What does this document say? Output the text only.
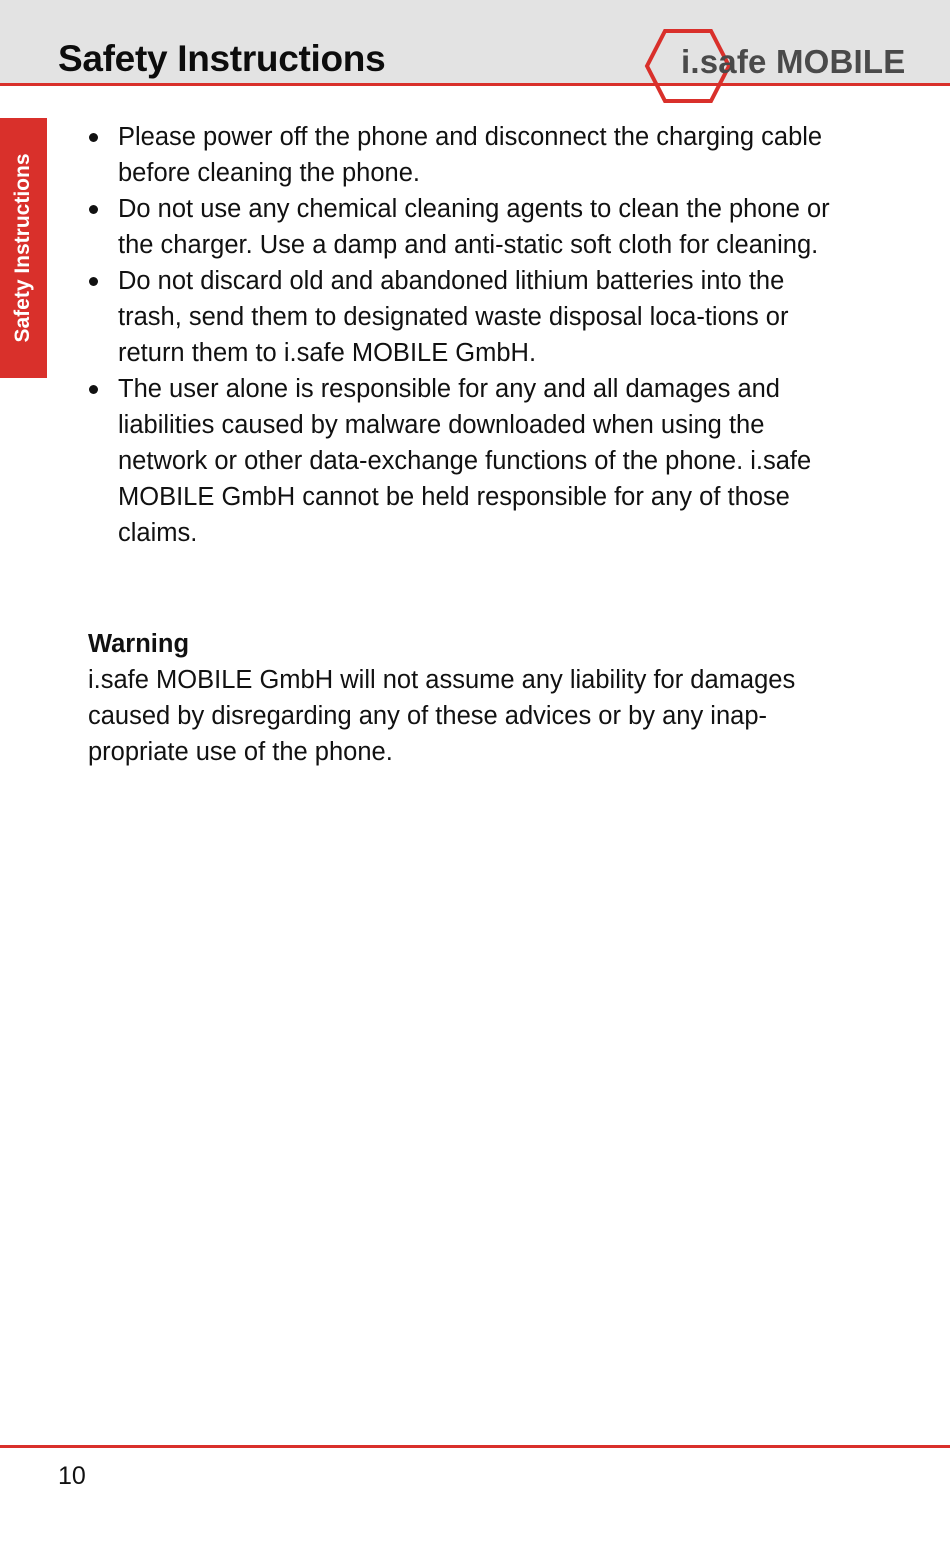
Safety Instructions	i.safe MOBILE
Safety Instructions
Please power off the phone and disconnect the charging cable before cleaning the phone.
Do not use any chemical cleaning agents to clean the phone or the charger. Use a damp and anti-static soft cloth for cleaning.
Do not discard old and abandoned lithium batteries into the trash, send them to designated waste disposal loca-tions or return them to i.safe MOBILE GmbH.
The user alone is responsible for any and all damages and liabilities caused by malware downloaded when using the network or other data-exchange functions of the phone. i.safe MOBILE GmbH cannot be held responsible for any of those claims.
Warning
i.safe MOBILE GmbH will not assume any liability for damages caused by disregarding any of these advices or by any inap-propriate use of the phone.
10
